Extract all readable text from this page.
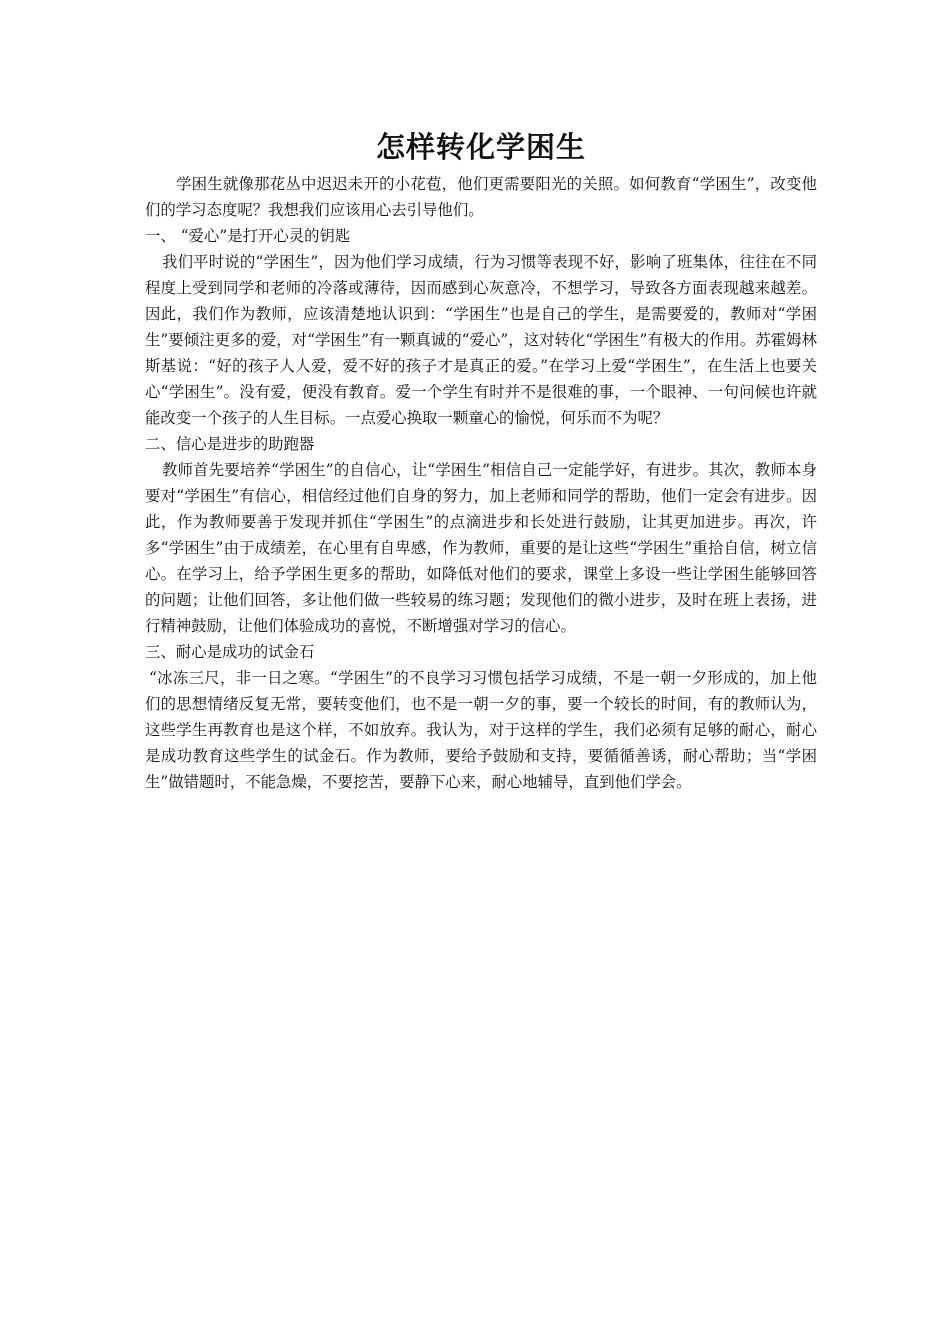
怎样转化学困生

学困生就像那花丛中迟迟未开的小花苞，他们更需要阳光的关照。如何教育“学困生”，改变他们的学习态度呢？我想我们应该用心去引导他们。

一、 “爱心”是打开心灵的钥匙

我们平时说的“学困生”，因为他们学习成绩，行为习惯等表现不好，影响了班集体，往往在不同程度上受到同学和老师的冷落或薄待，因而感到心灰意冷，不想学习，导致各方面表现越来越差。因此，我们作为教师，应该清楚地认识到：“学困生”也是自己的学生，是需要爱的，教师对“学困生”要倾注更多的爱，对“学困生”有一颗真诚的“爱心”，这对转化“学困生”有极大的作用。苏霍姆林斯基说：“好的孩子人人爱，爱不好的孩子才是真正的爱。”在学习上爱“学困生”，在生活上也要关心“学困生”。没有爱，便没有教育。爱一个学生有时并不是很难的事，一个眼神、一句问候也许就能改变一个孩子的人生目标。一点爱心换取一颗童心的愉悦，何乐而不为呢？

二、信心是进步的助跑器

教师首先要培养“学困生”的自信心，让“学困生”相信自己一定能学好，有进步。其次，教师本身要对“学困生”有信心，相信经过他们自身的努力，加上老师和同学的帮助，他们一定会有进步。因此，作为教师要善于发现并抓住“学困生”的点滴进步和长处进行鼓励，让其更加进步。再次，许多“学困生”由于成绩差，在心里有自卑感，作为教师，重要的是让这些“学困生”重拾自信，树立信心。在学习上，给予学困生更多的帮助，如降低对他们的要求，课堂上多设一些让学困生能够回答的问题；让他们回答，多让他们做一些较易的练习题；发现他们的微小进步，及时在班上表扬，进行精神鼓励，让他们体验成功的喜悦，不断增强对学习的信心。

三、耐心是成功的试金石

“冰冻三尺，非一日之寒。“学困生”的不良学习习惯包括学习成绩，不是一朝一夕形成的，加上他们的思想情绪反复无常，要转变他们，也不是一朝一夕的事，要一个较长的时间，有的教师认为，这些学生再教育也是这个样，不如放弃。我认为，对于这样的学生，我们必须有足够的耐心，耐心是成功教育这些学生的试金石。作为教师，要给予鼓励和支持，要循循善诱，耐心帮助；当“学困生”做错题时，不能急燥，不要挖苦，要静下心来，耐心地辅导，直到他们学会。
